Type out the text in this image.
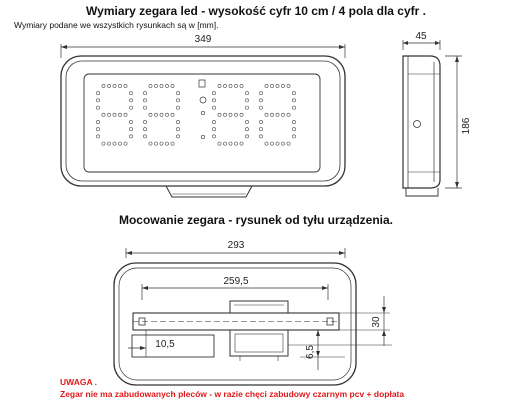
Wymiary zegara led - wysokość cyfr 10 cm / 4 pola dla cyfr .
Wymiary podane we wszystkich rysunkach są w [mm].
349	45
186
293
259,5
30
6,5
10,5
Mocowanie zegara - rysunek od tyłu urządzenia.
UWAGA .
Zegar nie ma zabudowanych pleców - w razie chęci zabudowy czarnym pcv + dopłata
